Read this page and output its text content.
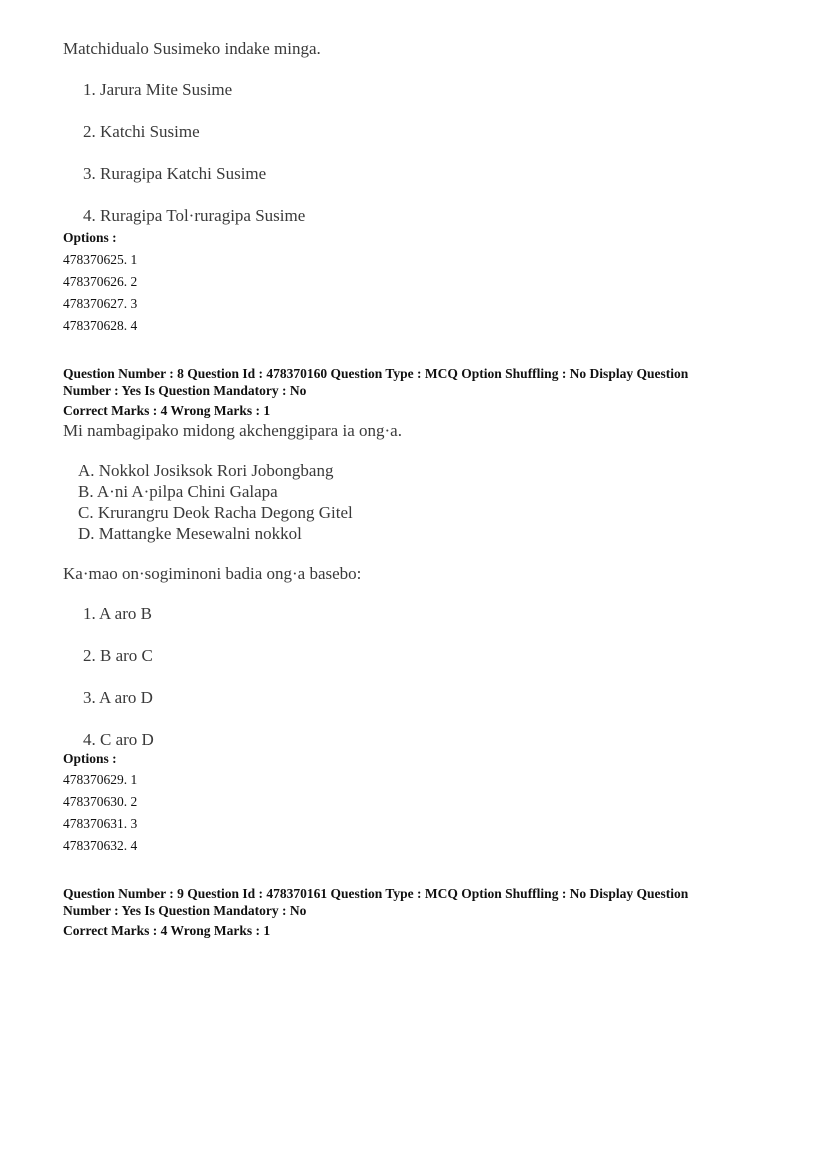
Matchidualo Susimeko indake minga.
1. Jarura Mite Susime
2. Katchi Susime
3. Ruragipa Katchi Susime
4. Ruragipa Tol·ruragipa Susime
Options :
478370625. 1
478370626. 2
478370627. 3
478370628. 4
Question Number : 8 Question Id : 478370160 Question Type : MCQ Option Shuffling : No Display Question
Number : Yes Is Question Mandatory : No
Correct Marks : 4 Wrong Marks : 1
Mi nambagipako midong akchenggipara ia ong·a.
A. Nokkol Josiksok Rori Jobongbang
B. A·ni A·pilpa Chini Galapa
C. Krurangru Deok Racha Degong Gitel
D. Mattangke Mesewalni nokkol
Ka·mao on·sogiminoni badia ong·a basebo:
1. A aro B
2. B aro C
3. A aro D
4. C aro D
Options :
478370629. 1
478370630. 2
478370631. 3
478370632. 4
Question Number : 9 Question Id : 478370161 Question Type : MCQ Option Shuffling : No Display Question
Number : Yes Is Question Mandatory : No
Correct Marks : 4 Wrong Marks : 1
